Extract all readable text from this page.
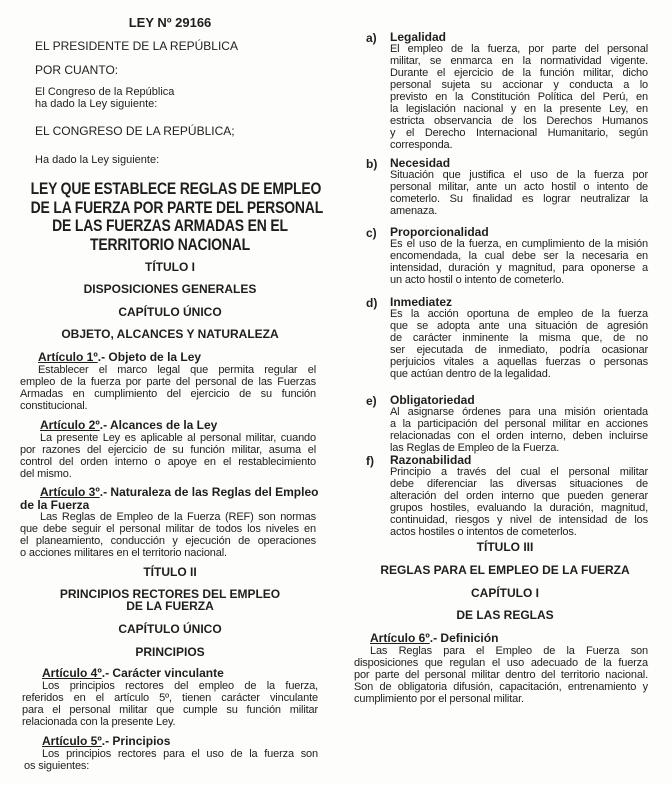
LEY Nº 29166
EL PRESIDENTE DE LA REPÚBLICA
POR CUANTO:
El Congreso de la República
ha dado la Ley siguiente:
EL CONGRESO DE LA REPÚBLICA;
Ha dado la Ley siguiente:
LEY QUE ESTABLECE REGLAS DE EMPLEO
DE LA FUERZA POR PARTE DEL PERSONAL
DE LAS FUERZAS ARMADAS EN EL
TERRITORIO NACIONAL
TÍTULO I
DISPOSICIONES GENERALES
CAPÍTULO ÚNICO
OBJETO, ALCANCES Y NATURALEZA
Artículo 1º.- Objeto de la Ley
Establecer el marco legal que permita regular el
empleo de la fuerza por parte del personal de las Fuerzas
Armadas en cumplimiento del ejercicio de su función
constitucional.
Artículo 2º.- Alcances de la Ley
La presente Ley es aplicable al personal militar, cuando
por razones del ejercicio de su función militar, asuma el
control del orden interno o apoye en el restablecimiento
del mismo.
Artículo 3º.- Naturaleza de las Reglas del Empleo
de la Fuerza
Las Reglas de Empleo de la Fuerza (REF) son normas
que debe seguir el personal militar de todos los niveles en
el planeamiento, conducción y ejecución de operaciones
o acciones militares en el territorio nacional.
TÍTULO II
PRINCIPIOS RECTORES DEL EMPLEO
DE LA FUERZA
CAPÍTULO ÚNICO
PRINCIPIOS
Artículo 4º.- Carácter vinculante
Los principios rectores del empleo de la fuerza,
referidos en el artículo 5º, tienen carácter vinculante
para el personal militar que cumple su función militar
relacionada con la presente Ley.
Artículo 5º.- Principios
Los principios rectores para el uso de la fuerza son
os siguientes:
a) Legalidad
El empleo de la fuerza, por parte del personal
militar, se enmarca en la normatividad vigente.
Durante el ejercicio de la función militar, dicho
personal sujeta su accionar y conducta a lo
previsto en la Constitución Política del Perú, en
la legislación nacional y en la presente Ley, en
estricta observancia de los Derechos Humanos
y el Derecho Internacional Humanitario, según
corresponda.
b) Necesidad
Situación que justifica el uso de la fuerza por
personal militar, ante un acto hostil o intento de
cometerlo. Su finalidad es lograr neutralizar la
amenaza.
c) Proporcionalidad
Es el uso de la fuerza, en cumplimiento de la misión
encomendada, la cual debe ser la necesaria en
intensidad, duración y magnitud, para oponerse a
un acto hostil o intento de cometerlo.
d) Inmediatez
Es la acción oportuna de empleo de la fuerza
que se adopta ante una situación de agresión
de carácter inminente la misma que, de no
ser ejecutada de inmediato, podría ocasionar
perjuicios vitales a aquellas fuerzas o personas
que actúan dentro de la legalidad.
e) Obligatoriedad
Al asignarse órdenes para una misión orientada
a la participación del personal militar en acciones
relacionadas con el orden interno, deben incluirse
las Reglas de Empleo de la Fuerza.
f) Razonabilidad
Principio a través del cual el personal militar
debe diferenciar las diversas situaciones de
alteración del orden interno que pueden generar
grupos hostiles, evaluando la duración, magnitud,
continuidad, riesgos y nivel de intensidad de los
actos hostiles o intentos de cometerlos.
TÍTULO III
REGLAS PARA EL EMPLEO DE LA FUERZA
CAPÍTULO I
DE LAS REGLAS
Artículo 6º.- Definición
Las Reglas para el Empleo de la Fuerza son
disposiciones que regulan el uso adecuado de la fuerza
por parte del personal militar dentro del territorio nacional.
Son de obligatoria difusión, capacitación, entrenamiento y
cumplimiento por el personal militar.
